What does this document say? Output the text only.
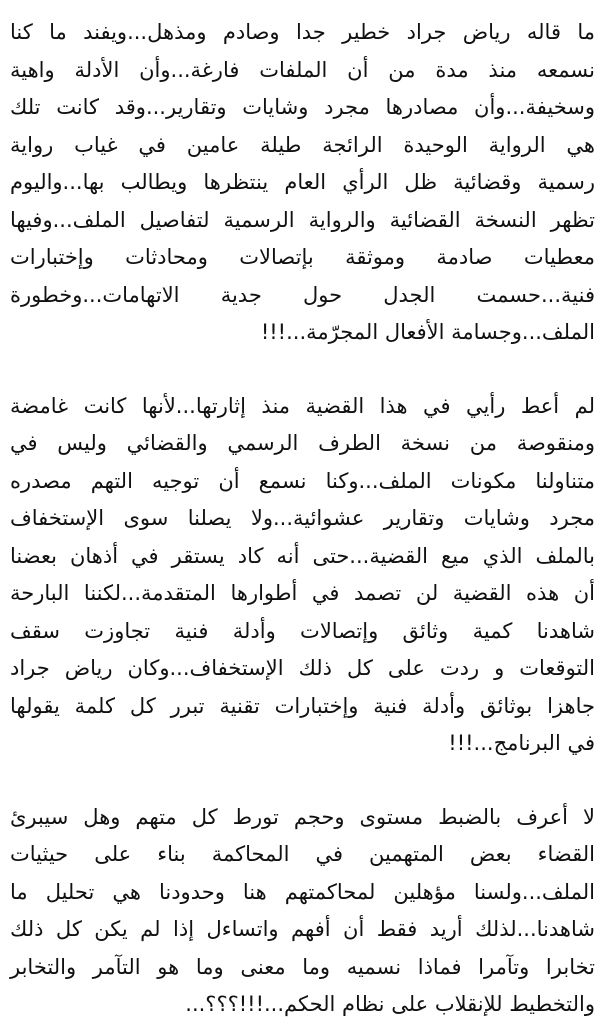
ما قاله رياض جراد خطير جدا وصادم ومذهل...ويفند ما كنا
نسمعه منذ مدة من أن الملفات فارغة...وأن الأدلة واهية
وسخيفة...وأن مصادرها مجرد وشايات وتقارير...وقد كانت تلك
هي الرواية الوحيدة الرائجة طيلة عامين في غياب رواية
رسمية وقضائية ظل الرأي العام ينتظرها ويطالب بها...واليوم
تظهر النسخة القضائية والرواية الرسمية لتفاصيل الملف...وفيها
معطيات صادمة وموثقة بإتصالات ومحادثات وإختبارات
فنية...حسمت الجدل حول جدية الاتهامات...وخطورة
الملف...وجسامة الأفعال المجرّمة...!!!
لم أعط رأيي في هذا القضية منذ إثارتها...لأنها كانت غامضة
ومنقوصة من نسخة الطرف الرسمي والقضائي وليس في
متناولنا مكونات الملف...وكنا نسمع أن توجيه التهم مصدره
مجرد وشايات وتقارير عشوائية...ولا يصلنا سوى الإستخفاف
بالملف الذي ميع القضية...حتى أنه كاد يستقر في أذهان بعضنا
أن هذه القضية لن تصمد في أطوارها المتقدمة...لكننا البارحة
شاهدنا كمية وثائق وإتصالات وأدلة فنية تجاوزت سقف
التوقعات و ردت على كل ذلك الإستخفاف...وكان رياض جراد
جاهزا بوثائق وأدلة فنية وإختبارات تقنية تبرر كل كلمة يقولها
في البرنامج...!!!
لا أعرف بالضبط مستوى وحجم تورط كل متهم وهل سيبرئ
القضاء بعض المتهمين في المحاكمة بناء على حيثيات
الملف...ولسنا مؤهلين لمحاكمتهم هنا وحدودنا هي تحليل ما
شاهدنا...لذلك أريد فقط أن أفهم واتساءل إذا لم يكن كل ذلك
تخابرا وتآمرا فماذا نسميه وما معنى وما هو التآمر والتخابر
والتخطيط للإنقلاب على نظام الحكم...!!!؟؟؟...
